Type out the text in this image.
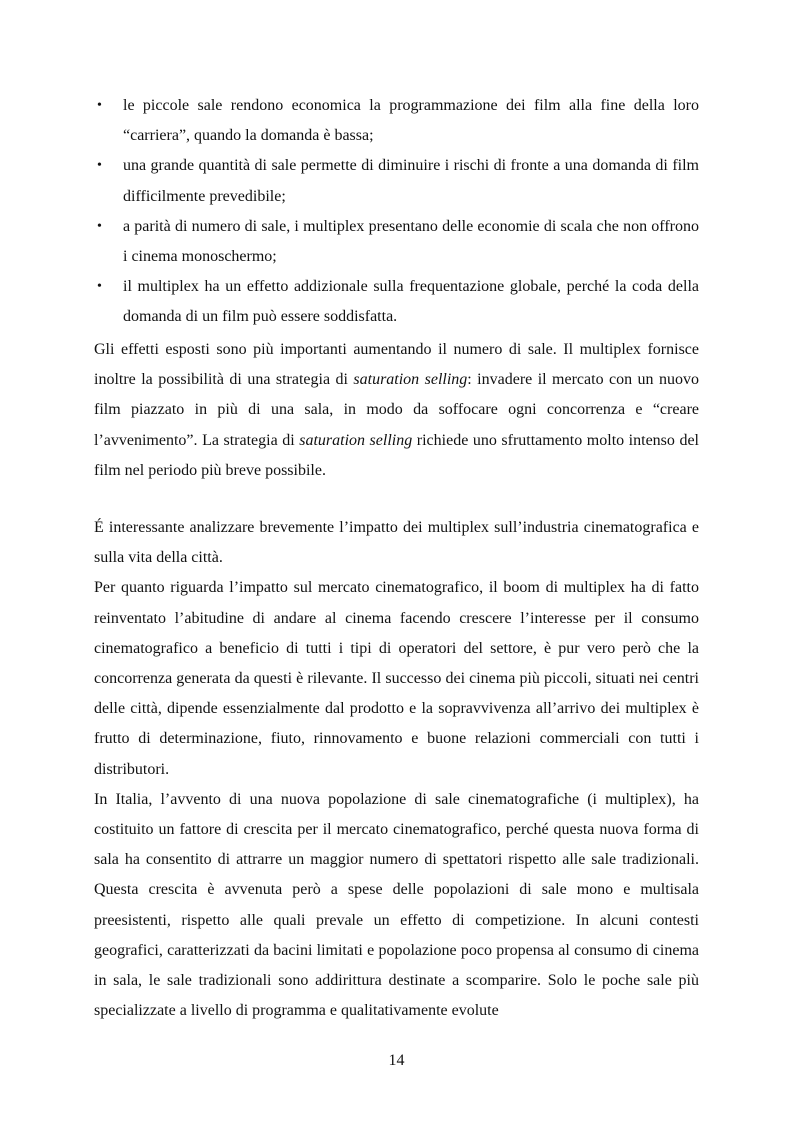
• le piccole sale rendono economica la programmazione dei film alla fine della loro “carriera”, quando la domanda è bassa;
• una grande quantità di sale permette di diminuire i rischi di fronte a una domanda di film difficilmente prevedibile;
• a parità di numero di sale, i multiplex presentano delle economie di scala che non offrono i cinema monoschermo;
• il multiplex ha un effetto addizionale sulla frequentazione globale, perché la coda della domanda di un film può essere soddisfatta.

Gli effetti esposti sono più importanti aumentando il numero di sale. Il multiplex fornisce inoltre la possibilità di una strategia di saturation selling: invadere il mercato con un nuovo film piazzato in più di una sala, in modo da soffocare ogni concorrenza e “creare l’avvenimento”. La strategia di saturation selling richiede uno sfruttamento molto intenso del film nel periodo più breve possibile.

É interessante analizzare brevemente l’impatto dei multiplex sull’industria cinematografica e sulla vita della città.

Per quanto riguarda l’impatto sul mercato cinematografico, il boom di multiplex ha di fatto reinventato l’abitudine di andare al cinema facendo crescere l’interesse per il consumo cinematografico a beneficio di tutti i tipi di operatori del settore, è pur vero però che la concorrenza generata da questi è rilevante. Il successo dei cinema più piccoli, situati nei centri delle città, dipende essenzialmente dal prodotto e la sopravvivenza all’arrivo dei multiplex è frutto di determinazione, fiuto, rinnovamento e buone relazioni commerciali con tutti i distributori.

In Italia, l’avvento di una nuova popolazione di sale cinematografiche (i multiplex), ha costituito un fattore di crescita per il mercato cinematografico, perché questa nuova forma di sala ha consentito di attrarre un maggior numero di spettatori rispetto alle sale tradizionali. Questa crescita è avvenuta però a spese delle popolazioni di sale mono e multisala preesistenti, rispetto alle quali prevale un effetto di competizione. In alcuni contesti geografici, caratterizzati da bacini limitati e popolazione poco propensa al consumo di cinema in sala, le sale tradizionali sono addirittura destinate a scomparire. Solo le poche sale più specializzate a livello di programma e qualitativamente evolute

14
